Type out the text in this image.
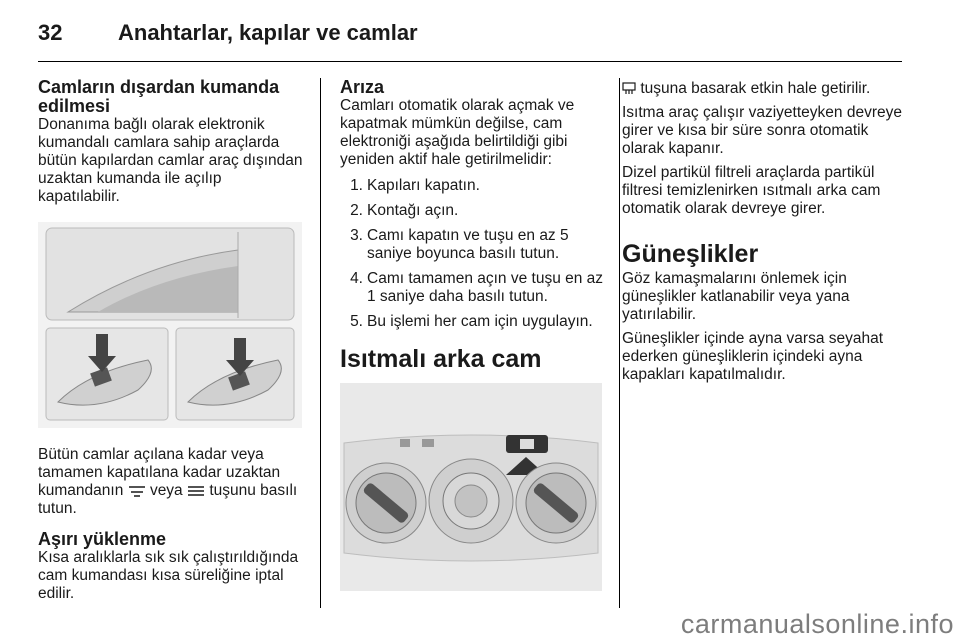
32	Anahtarlar, kapılar ve camlar
Camların dışardan kumanda edilmesi

Donanıma bağlı olarak elektronik kumandalı camlara sahip araçlarda bütün kapılardan camlar araç dışından uzaktan kumanda ile açılıp kapatılabilir.

Bütün camlar açılana kadar veya tamamen kapatılana kadar uzaktan kumandanın veya tuşunu basılı tutun.

Aşırı yüklenme

Kısa aralıklarla sık sık çalıştırıldığında cam kumandası kısa süreliğine iptal edilir.

Arıza

Camları otomatik olarak açmak ve kapatmak mümkün değilse, cam elektroniği aşağıda belirtildiği gibi yeniden aktif hale getirilmelidir:

1. Kapıları kapatın.
2. Kontağı açın.
3. Camı kapatın ve tuşu en az 5 saniye boyunca basılı tutun.
4. Camı tamamen açın ve tuşu en az 1 saniye daha basılı tutun.
5. Bu işlemi her cam için uygulayın.
Isıtmalı arka cam

tuşuna basarak etkin hale getirilir.

Isıtma araç çalışır vaziyetteyken devreye girer ve kısa bir süre sonra otomatik olarak kapanır.

Dizel partikül filtreli araçlarda partikül filtresi temizlenirken ısıtmalı arka cam otomatik olarak devreye girer.

Güneşlikler

Göz kamaşmalarını önlemek için güneşlikler katlanabilir veya yana yatırılabilir.

Güneşlikler içinde ayna varsa seyahat ederken güneşliklerin içindeki ayna kapakları kapatılmalıdır.

carmanualsonline.info
